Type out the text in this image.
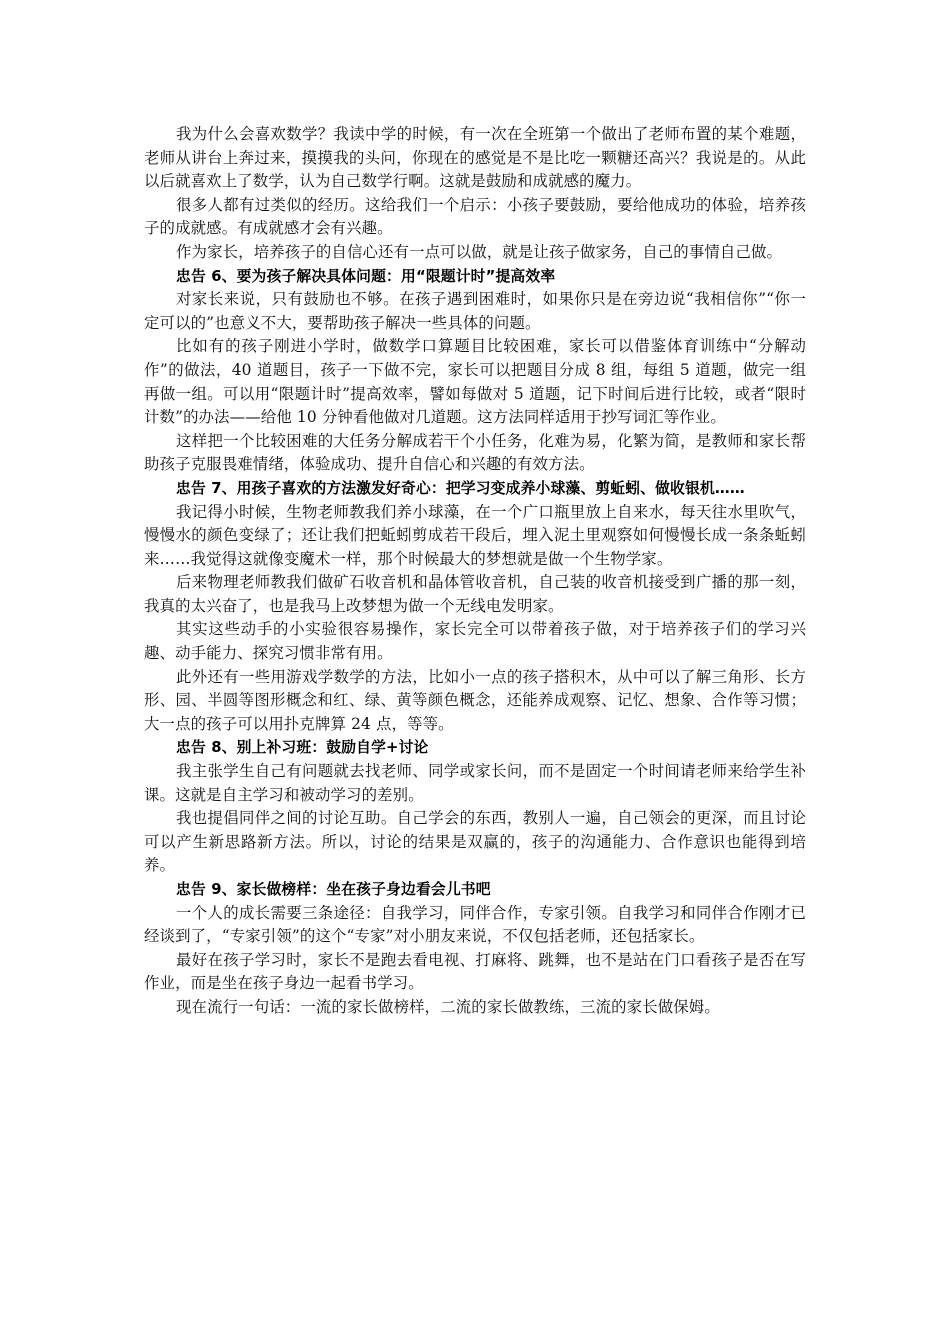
我为什么会喜欢数学？我读中学的时候，有一次在全班第一个做出了老师布置的某个难题，老师从讲台上奔过来，摸摸我的头问，你现在的感觉是不是比吃一颗糖还高兴？我说是的。从此以后就喜欢上了数学，认为自己数学行啊。这就是鼓励和成就感的魔力。

很多人都有过类似的经历。这给我们一个启示：小孩子要鼓励，要给他成功的体验，培养孩子的成就感。有成就感才会有兴趣。

作为家长，培养孩子的自信心还有一点可以做，就是让孩子做家务，自己的事情自己做。

忠告 6、要为孩子解决具体问题：用“限题计时”提高效率

对家长来说，只有鼓励也不够。在孩子遇到困难时，如果你只是在旁边说“我相信你”“你一定可以的”也意义不大，要帮助孩子解决一些具体的问题。

比如有的孩子刚进小学时，做数学口算题目比较困难，家长可以借鉴体育训练中“分解动作”的做法，40 道题目，孩子一下做不完，家长可以把题目分成 8 组，每组 5 道题，做完一组再做一组。可以用“限题计时”提高效率，譬如每做对 5 道题，记下时间后进行比较，或者“限时计数”的办法——给他 10 分钟看他做对几道题。这方法同样适用于抄写词汇等作业。

这样把一个比较困难的大任务分解成若干个小任务，化难为易，化繁为简，是教师和家长帮助孩子克服畏难情绪，体验成功、提升自信心和兴趣的有效方法。

忠告 7、用孩子喜欢的方法激发好奇心：把学习变成养小球藻、剪蚯蚓、做收银机……

我记得小时候，生物老师教我们养小球藻，在一个广口瓶里放上自来水，每天往水里吹气，慢慢水的颜色变绿了；还让我们把蚯蚓剪成若干段后，埋入泥土里观察如何慢慢长成一条条蚯蚓来……我觉得这就像变魔术一样，那个时候最大的梦想就是做一个生物学家。

后来物理老师教我们做矿石收音机和晶体管收音机，自己装的收音机接受到广播的那一刻，我真的太兴奋了，也是我马上改梦想为做一个无线电发明家。

其实这些动手的小实验很容易操作，家长完全可以带着孩子做，对于培养孩子们的学习兴趣、动手能力、探究习惯非常有用。

此外还有一些用游戏学数学的方法，比如小一点的孩子搭积木，从中可以了解三角形、长方形、园、半圆等图形概念和红、绿、黄等颜色概念，还能养成观察、记忆、想象、合作等习惯；大一点的孩子可以用扑克牌算 24 点，等等。

忠告 8、别上补习班：鼓励自学+讨论

我主张学生自己有问题就去找老师、同学或家长问，而不是固定一个时间请老师来给学生补课。这就是自主学习和被动学习的差别。

我也提倡同伴之间的讨论互助。自己学会的东西，教别人一遍，自己领会的更深，而且讨论可以产生新思路新方法。所以，讨论的结果是双赢的，孩子的沟通能力、合作意识也能得到培养。

忠告 9、家长做榜样：坐在孩子身边看会儿书吧

一个人的成长需要三条途径：自我学习，同伴合作，专家引领。自我学习和同伴合作刚才已经谈到了，“专家引领”的这个“专家”对小朋友来说，不仅包括老师，还包括家长。

最好在孩子学习时，家长不是跑去看电视、打麻将、跳舞，也不是站在门口看孩子是否在写作业，而是坐在孩子身边一起看书学习。

现在流行一句话：一流的家长做榜样，二流的家长做教练，三流的家长做保姆。
